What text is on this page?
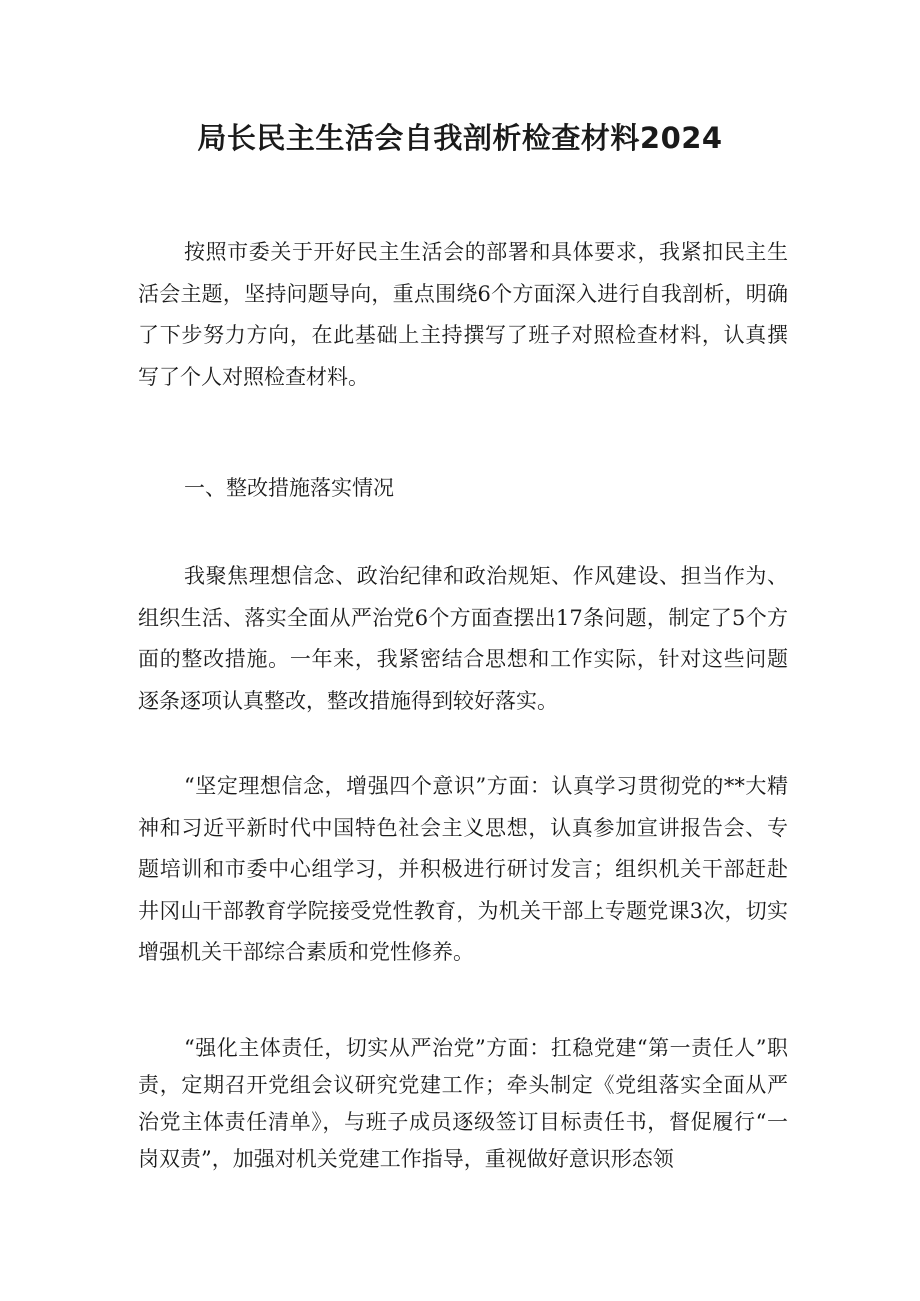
局长民主生活会自我剖析检查材料2024

按照市委关于开好民主生活会的部署和具体要求，我紧扣民主生活会主题，坚持问题导向，重点围绕6个方面深入进行自我剖析，明确了下步努力方向，在此基础上主持撰写了班子对照检查材料，认真撰写了个人对照检查材料。

一、整改措施落实情况

我聚焦理想信念、政治纪律和政治规矩、作风建设、担当作为、组织生活、落实全面从严治党6个方面查摆出17条问题，制定了5个方面的整改措施。一年来，我紧密结合思想和工作实际，针对这些问题逐条逐项认真整改，整改措施得到较好落实。

“坚定理想信念，增强四个意识”方面：认真学习贯彻党的**大精神和习近平新时代中国特色社会主义思想，认真参加宣讲报告会、专题培训和市委中心组学习，并积极进行研讨发言；组织机关干部赶赴井冈山干部教育学院接受党性教育，为机关干部上专题党课3次，切实增强机关干部综合素质和党性修养。

“强化主体责任，切实从严治党”方面：扛稳党建“第一责任人”职责，定期召开党组会议研究党建工作；牵头制定《党组落实全面从严治党主体责任清单》，与班子成员逐级签订目标责任书，督促履行“一岗双责”，加强对机关党建工作指导，重视做好意识形态领
